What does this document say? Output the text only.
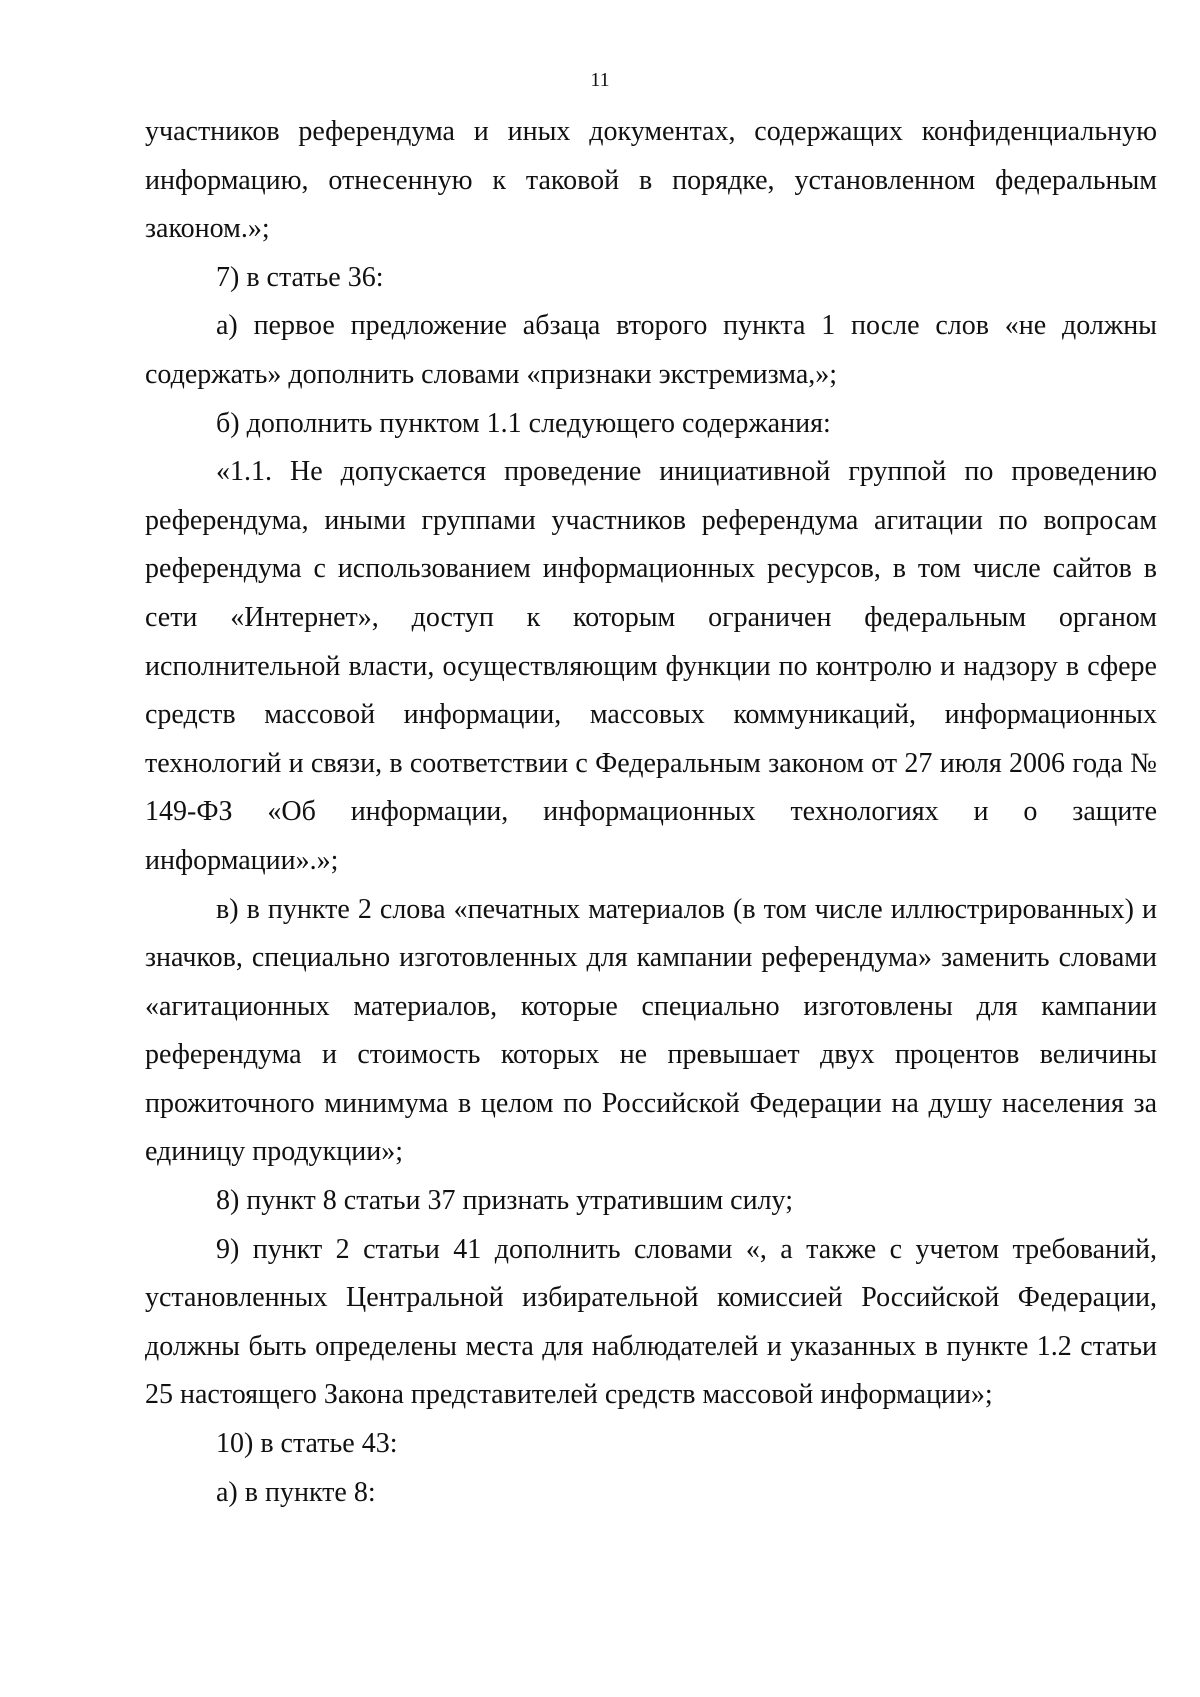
11

участников референдума и иных документах, содержащих конфиденциальную информацию, отнесенную к таковой в порядке, установленном федеральным законом.»;

7) в статье 36:

а) первое предложение абзаца второго пункта 1 после слов «не должны содержать» дополнить словами «признаки экстремизма,»;

б) дополнить пунктом 1.1 следующего содержания:

«1.1. Не допускается проведение инициативной группой по проведению референдума, иными группами участников референдума агитации по вопросам референдума с использованием информационных ресурсов, в том числе сайтов в сети «Интернет», доступ к которым ограничен федеральным органом исполнительной власти, осуществляющим функции по контролю и надзору в сфере средств массовой информации, массовых коммуникаций, информационных технологий и связи, в соответствии с Федеральным законом от 27 июля 2006 года № 149-ФЗ «Об информации, информационных технологиях и о защите информации».»;

в) в пункте 2 слова «печатных материалов (в том числе иллюстрированных) и значков, специально изготовленных для кампании референдума» заменить словами «агитационных материалов, которые специально изготовлены для кампании референдума и стоимость которых не превышает двух процентов величины прожиточного минимума в целом по Российской Федерации на душу населения за единицу продукции»;

8) пункт 8 статьи 37 признать утратившим силу;

9) пункт 2 статьи 41 дополнить словами «, а также с учетом требований, установленных Центральной избирательной комиссией Российской Федерации, должны быть определены места для наблюдателей и указанных в пункте 1.2 статьи 25 настоящего Закона представителей средств массовой информации»;

10) в статье 43:

а) в пункте 8:
